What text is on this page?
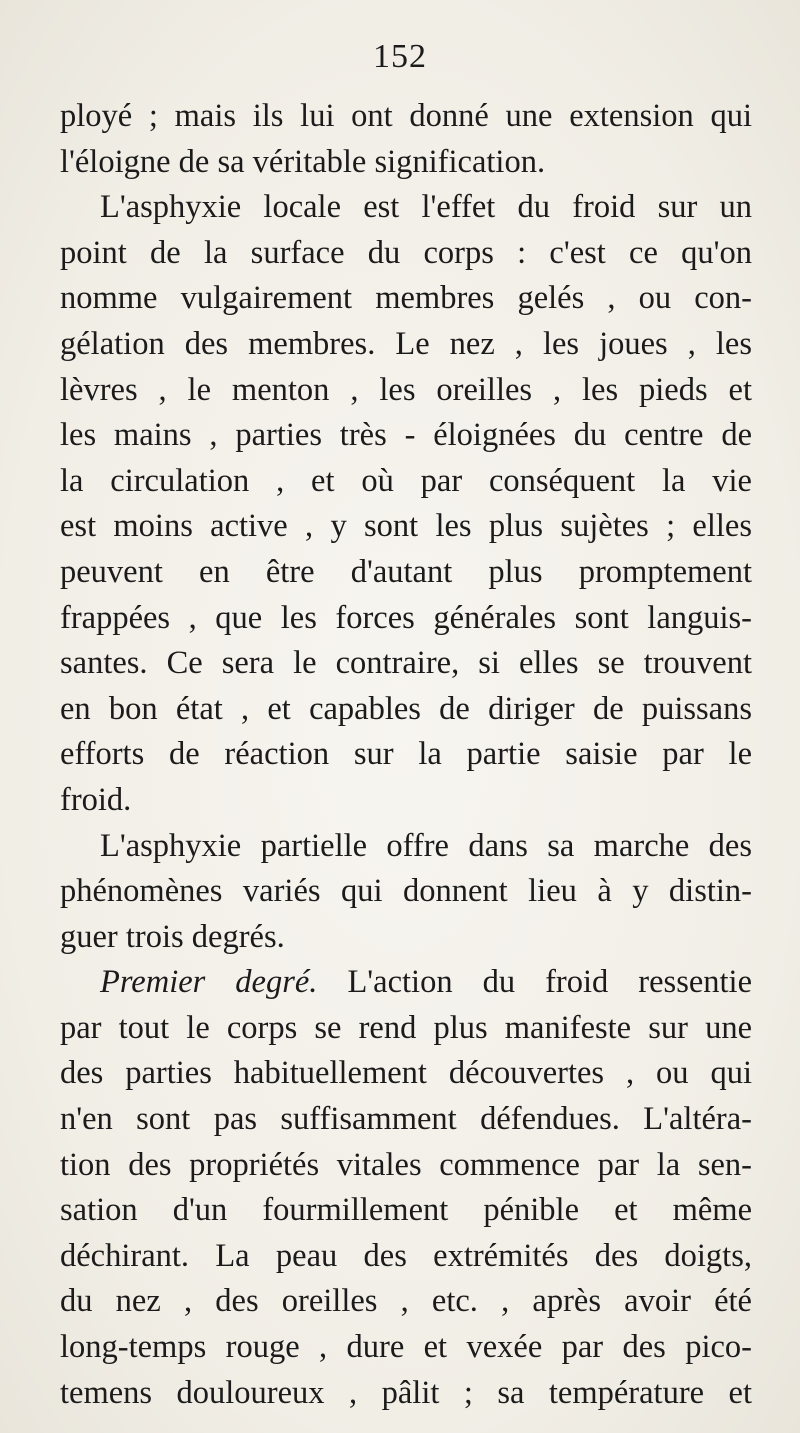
152
ployé ; mais ils lui ont donné une extension qui
l'éloigne de sa véritable signification.
L'asphyxie locale est l'effet du froid sur un
point de la surface du corps : c'est ce qu'on
nomme vulgairement membres gelés , ou con-
gélation des membres. Le nez , les joues , les
lèvres , le menton , les oreilles , les pieds et
les mains , parties très - éloignées du centre de
la circulation , et où par conséquent la vie
est moins active , y sont les plus sujètes ; elles
peuvent en être d'autant plus promptement
frappées , que les forces générales sont languis-
santes. Ce sera le contraire, si elles se trouvent
en bon état , et capables de diriger de puissans
efforts de réaction sur la partie saisie par le
froid.
L'asphyxie partielle offre dans sa marche des
phénomènes variés qui donnent lieu à y distin-
guer trois degrés.
Premier degré. L'action du froid ressentie
par tout le corps se rend plus manifeste sur une
des parties habituellement découvertes , ou qui
n'en sont pas suffisamment défendues. L'altéra-
tion des propriétés vitales commence par la sen-
sation d'un fourmillement pénible et même
déchirant. La peau des extrémités des doigts,
du nez , des oreilles , etc. , après avoir été
long-temps rouge , dure et vexée par des pico-
temens douloureux , pâlit ; sa température et
